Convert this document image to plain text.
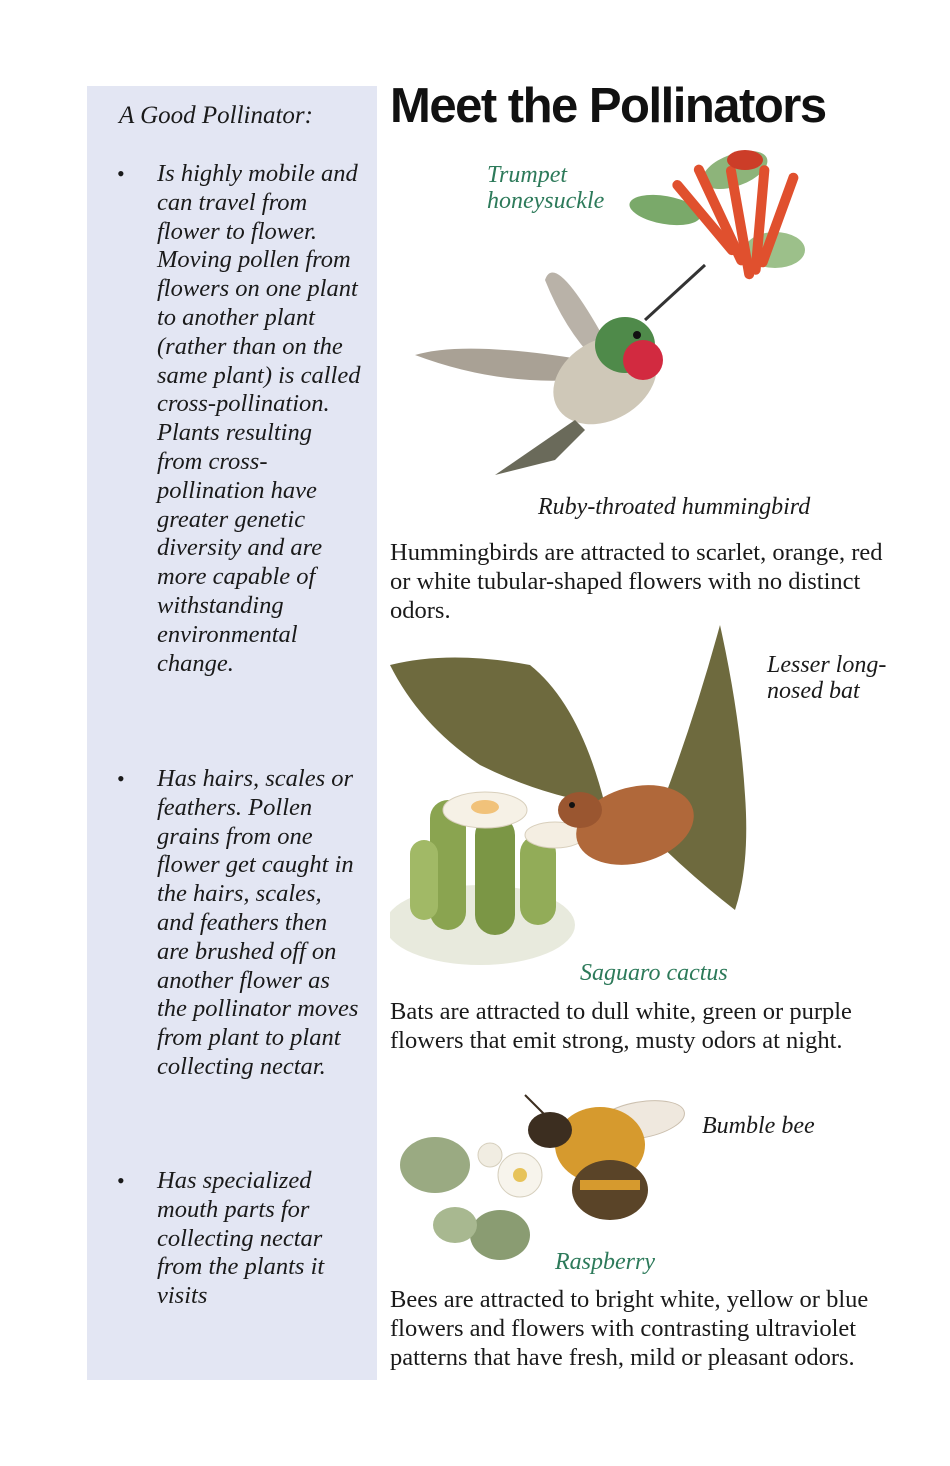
A Good Pollinator:
• Is highly mobile and can travel from flower to flower. Moving pollen from flowers on one plant to another plant (rather than on the same plant) is called cross-pollination. Plants resulting from cross-pollination have greater genetic diversity and are more capable of withstanding environmental change.
• Has hairs, scales or feathers. Pollen grains from one flower get caught in the hairs, scales, and feathers then are brushed off on another flower as the pollinator moves from plant to plant collecting nectar.
• Has specialized mouth parts for collecting nectar from the plants it visits
Meet the Pollinators
Trumpet honeysuckle
Ruby-throated hummingbird
Hummingbirds are attracted to scarlet, orange, red or white tubular-shaped flowers with no distinct odors.
Lesser long-nosed bat
Saguaro cactus
Bats are attracted to dull white, green or purple flowers that emit strong, musty odors at night.
Bumble bee
Raspberry
Bees are attracted to bright white, yellow or blue flowers and flowers with contrasting ultraviolet patterns that have fresh, mild or pleasant odors.
